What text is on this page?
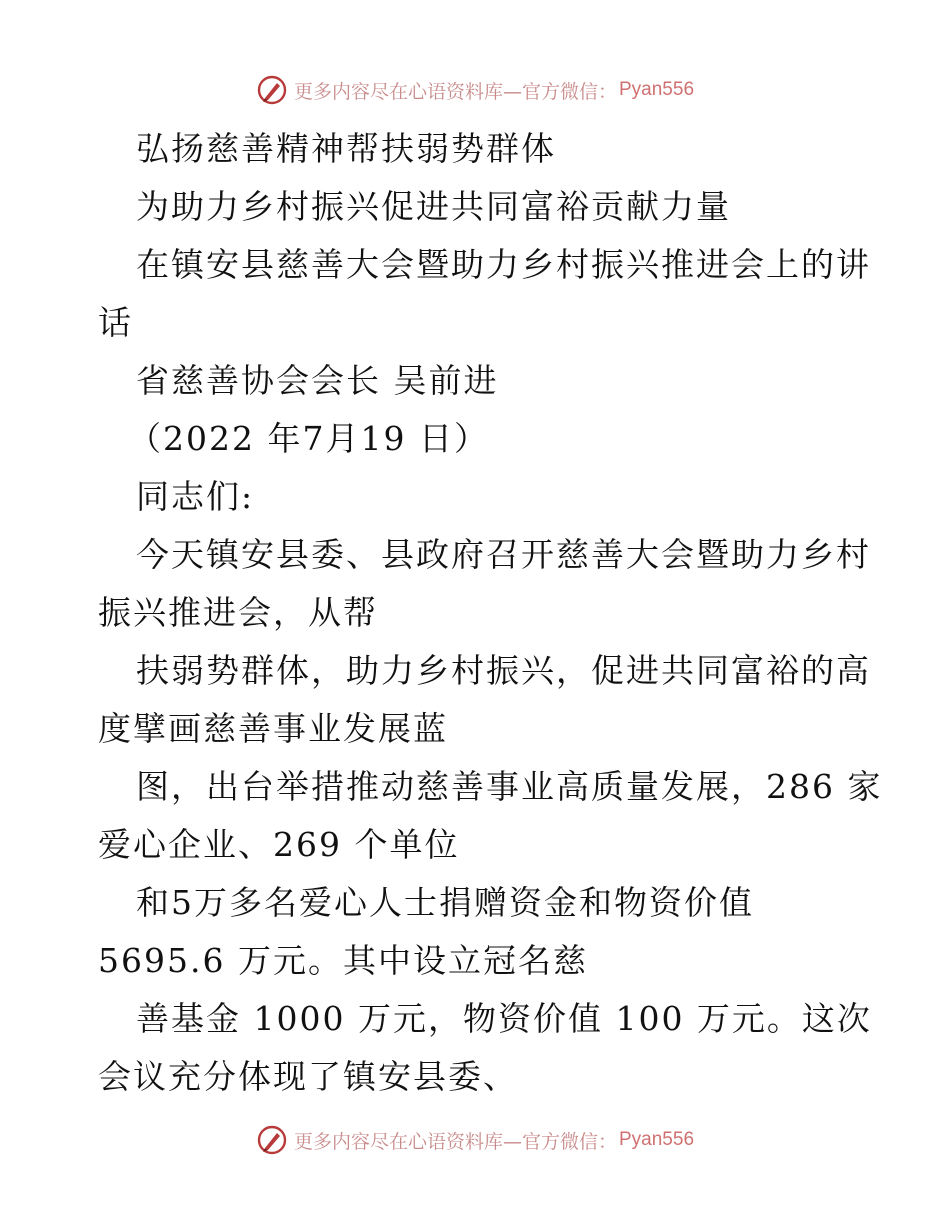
更多内容尽在心语资料库—官方微信： Pyan556
弘扬慈善精神帮扶弱势群体
为助力乡村振兴促进共同富裕贡献力量
在镇安县慈善大会暨助力乡村振兴推进会上的讲
话
省慈善协会会长 吴前进
（2022 年7月19 日）
同志们:
今天镇安县委、县政府召开慈善大会暨助力乡村
振兴推进会，从帮
扶弱势群体，助力乡村振兴，促进共同富裕的高
度擘画慈善事业发展蓝
图，出台举措推动慈善事业高质量发展，286 家
爱心企业、269 个单位
和5万多名爱心人士捐赠资金和物资价值
5695.6 万元。其中设立冠名慈
善基金 1000 万元，物资价值 100 万元。这次
会议充分体现了镇安县委、
更多内容尽在心语资料库—官方微信： Pyan556
